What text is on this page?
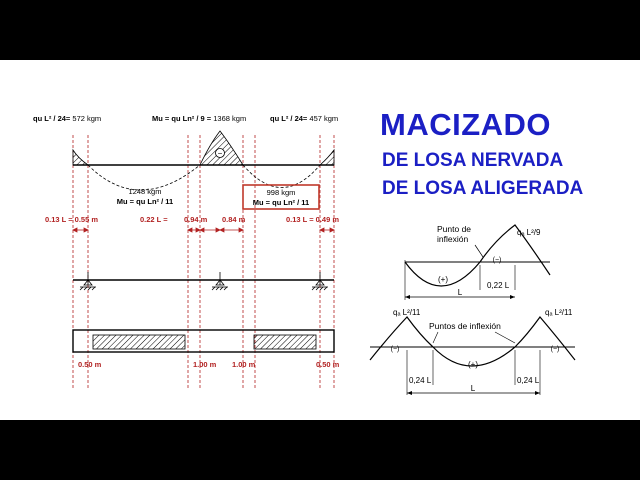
qu L² / 24= 572 kgm	Mu = qu Ln² / 9 = 1368 kgm	qu L² / 24= 457 kgm
−
1248 kgm
Mu = qu Ln² / 11
998 kgm
Mu = qu Ln² / 11
0.13 L = 0.55 m	0.22 L = 0.94 m 0.84 m	0.13 L = 0.49 m
0.50 m	1.00 m 1.00 m	0.50 m
MACIZADO
DE LOSA NERVADA
DE LOSA ALIGERADA
Punto de
inflexión
qₐ L²/9
(+)
(−)
0,22 L
L
qₐ L²/11	qₐ L²/11
Puntos de inflexión
(−)
(+)
(−)
0,24 L	0,24 L
L
